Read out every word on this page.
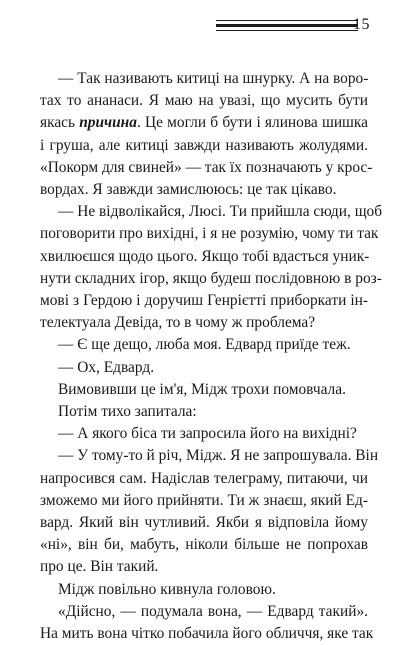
15
— Так називають китиці на шнурку. А на воро-
тах то ананаси. Я маю на увазі, що мусить бути
якась причина. Це могли б бути і ялинова шишка
і груша, але китиці завжди називають жолудями.
«Покорм для свиней» — так їх позначають у крос-
вордах. Я завжди замислююсь: це так цікаво.
— Не відволікайся, Люсі. Ти прийшла сюди, щоб
поговорити про вихідні, і я не розумію, чому ти так
хвилюєшся щодо цього. Якщо тобі вдасться уник-
нути складних ігор, якщо будеш послідовною в роз-
мові з Гердою і доручиш Генрієтті приборкати ін-
телектуала Девіда, то в чому ж проблема?
— Є ще дещо, люба моя. Едвард приїде теж.
— Ох, Едвард.
Вимовивши це ім'я, Мідж трохи помовчала.
Потім тихо запитала:
— А якого біса ти запросила його на вихідні?
— У тому-то й річ, Мідж. Я не запрошувала. Він
напросився сам. Надіслав телеграму, питаючи, чи
зможемо ми його прийняти. Ти ж знаєш, який Ед-
вард. Який він чутливий. Якби я відповіла йому
«ні», він би, мабуть, ніколи більше не попрохав
про це. Він такий.
Мідж повільно кивнула головою.
«Дійсно, — подумала вона, — Едвард такий».
На мить вона чітко побачила його обличчя, яке так
